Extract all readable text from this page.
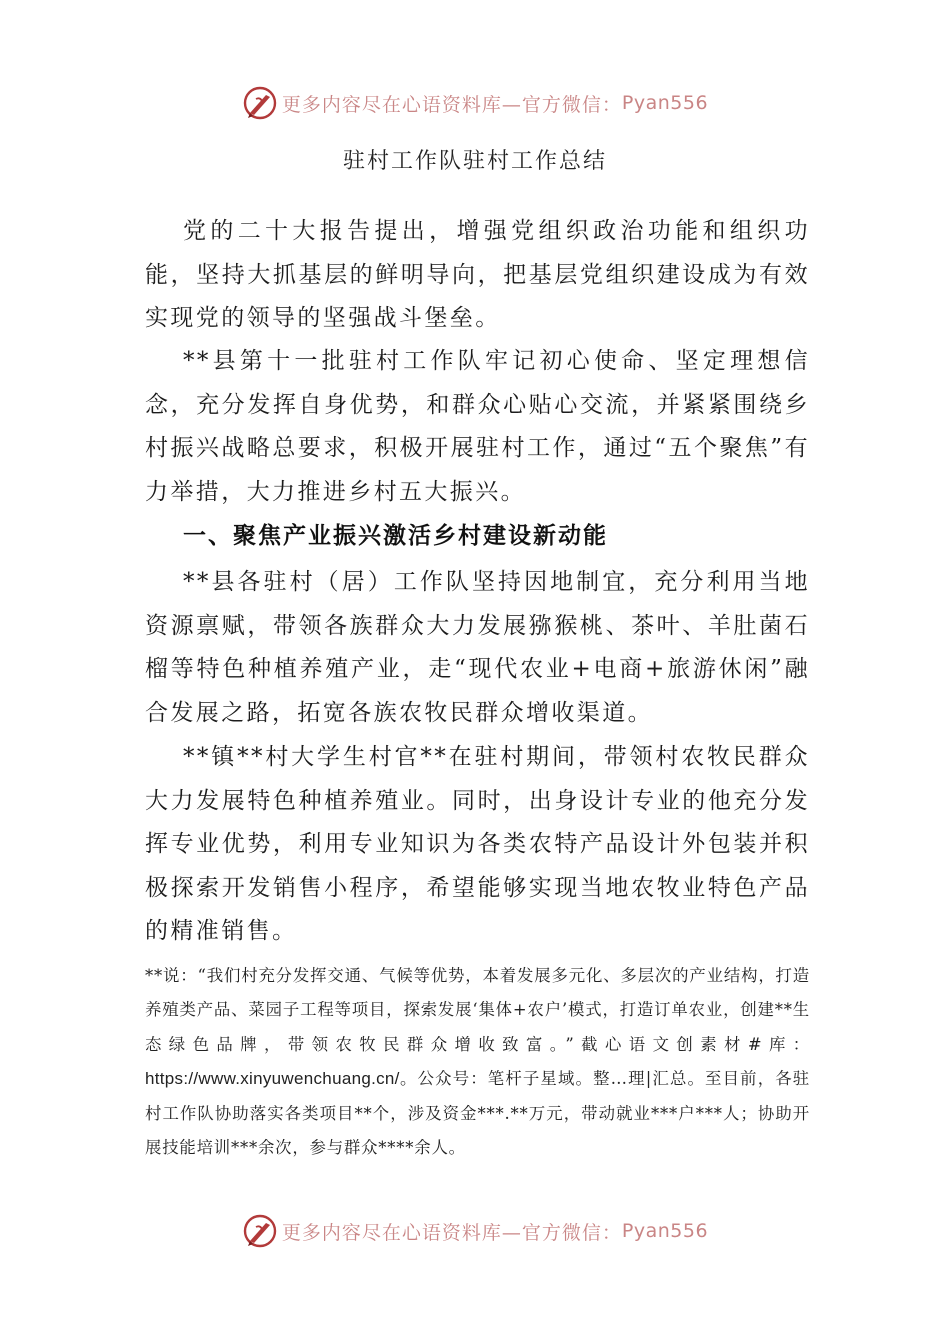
更多内容尽在心语资料库—官方微信： Pyan556
驻村工作队驻村工作总结
党的二十大报告提出，增强党组织政治功能和组织功能，坚持大抓基层的鲜明导向，把基层党组织建设成为有效实现党的领导的坚强战斗堡垒。
**县第十一批驻村工作队牢记初心使命、坚定理想信念，充分发挥自身优势，和群众心贴心交流，并紧紧围绕乡村振兴战略总要求，积极开展驻村工作，通过“五个聚焦”有力举措，大力推进乡村五大振兴。
一、聚焦产业振兴激活乡村建设新动能
**县各驻村（居）工作队坚持因地制宜，充分利用当地资源禀赋，带领各族群众大力发展猕猴桃、茶叶、羊肚菌石榴等特色种植养殖产业，走“现代农业+电商+旅游休闲”融合发展之路，拓宽各族农牧民群众增收渠道。
**镇**村大学生村官**在驻村期间，带领村农牧民群众大力发展特色种植养殖业。同时，出身设计专业的他充分发挥专业优势，利用专业知识为各类农特产品设计外包装并积极探索开发销售小程序，希望能够实现当地农牧业特色产品的精准销售。
**说：“我们村充分发挥交通、气候等优势，本着发展多元化、多层次的产业结构，打造养殖类产品、菜园子工程等项目，探索发展‘集体+农户’模式，打造订单农业，创建**生态绿色品牌，带领农牧民群众增收致富。”截心语文创素材#库：https://www.xinyuwenchuang.cn/。公众号：笔杆子星域。整…理|汇总。至目前，各驻村工作队协助落实各类项目**个，涉及资金***.**万元，带动就业***户***人；协助开展技能培训***余次，参与群众****余人。
更多内容尽在心语资料库—官方微信： Pyan556
